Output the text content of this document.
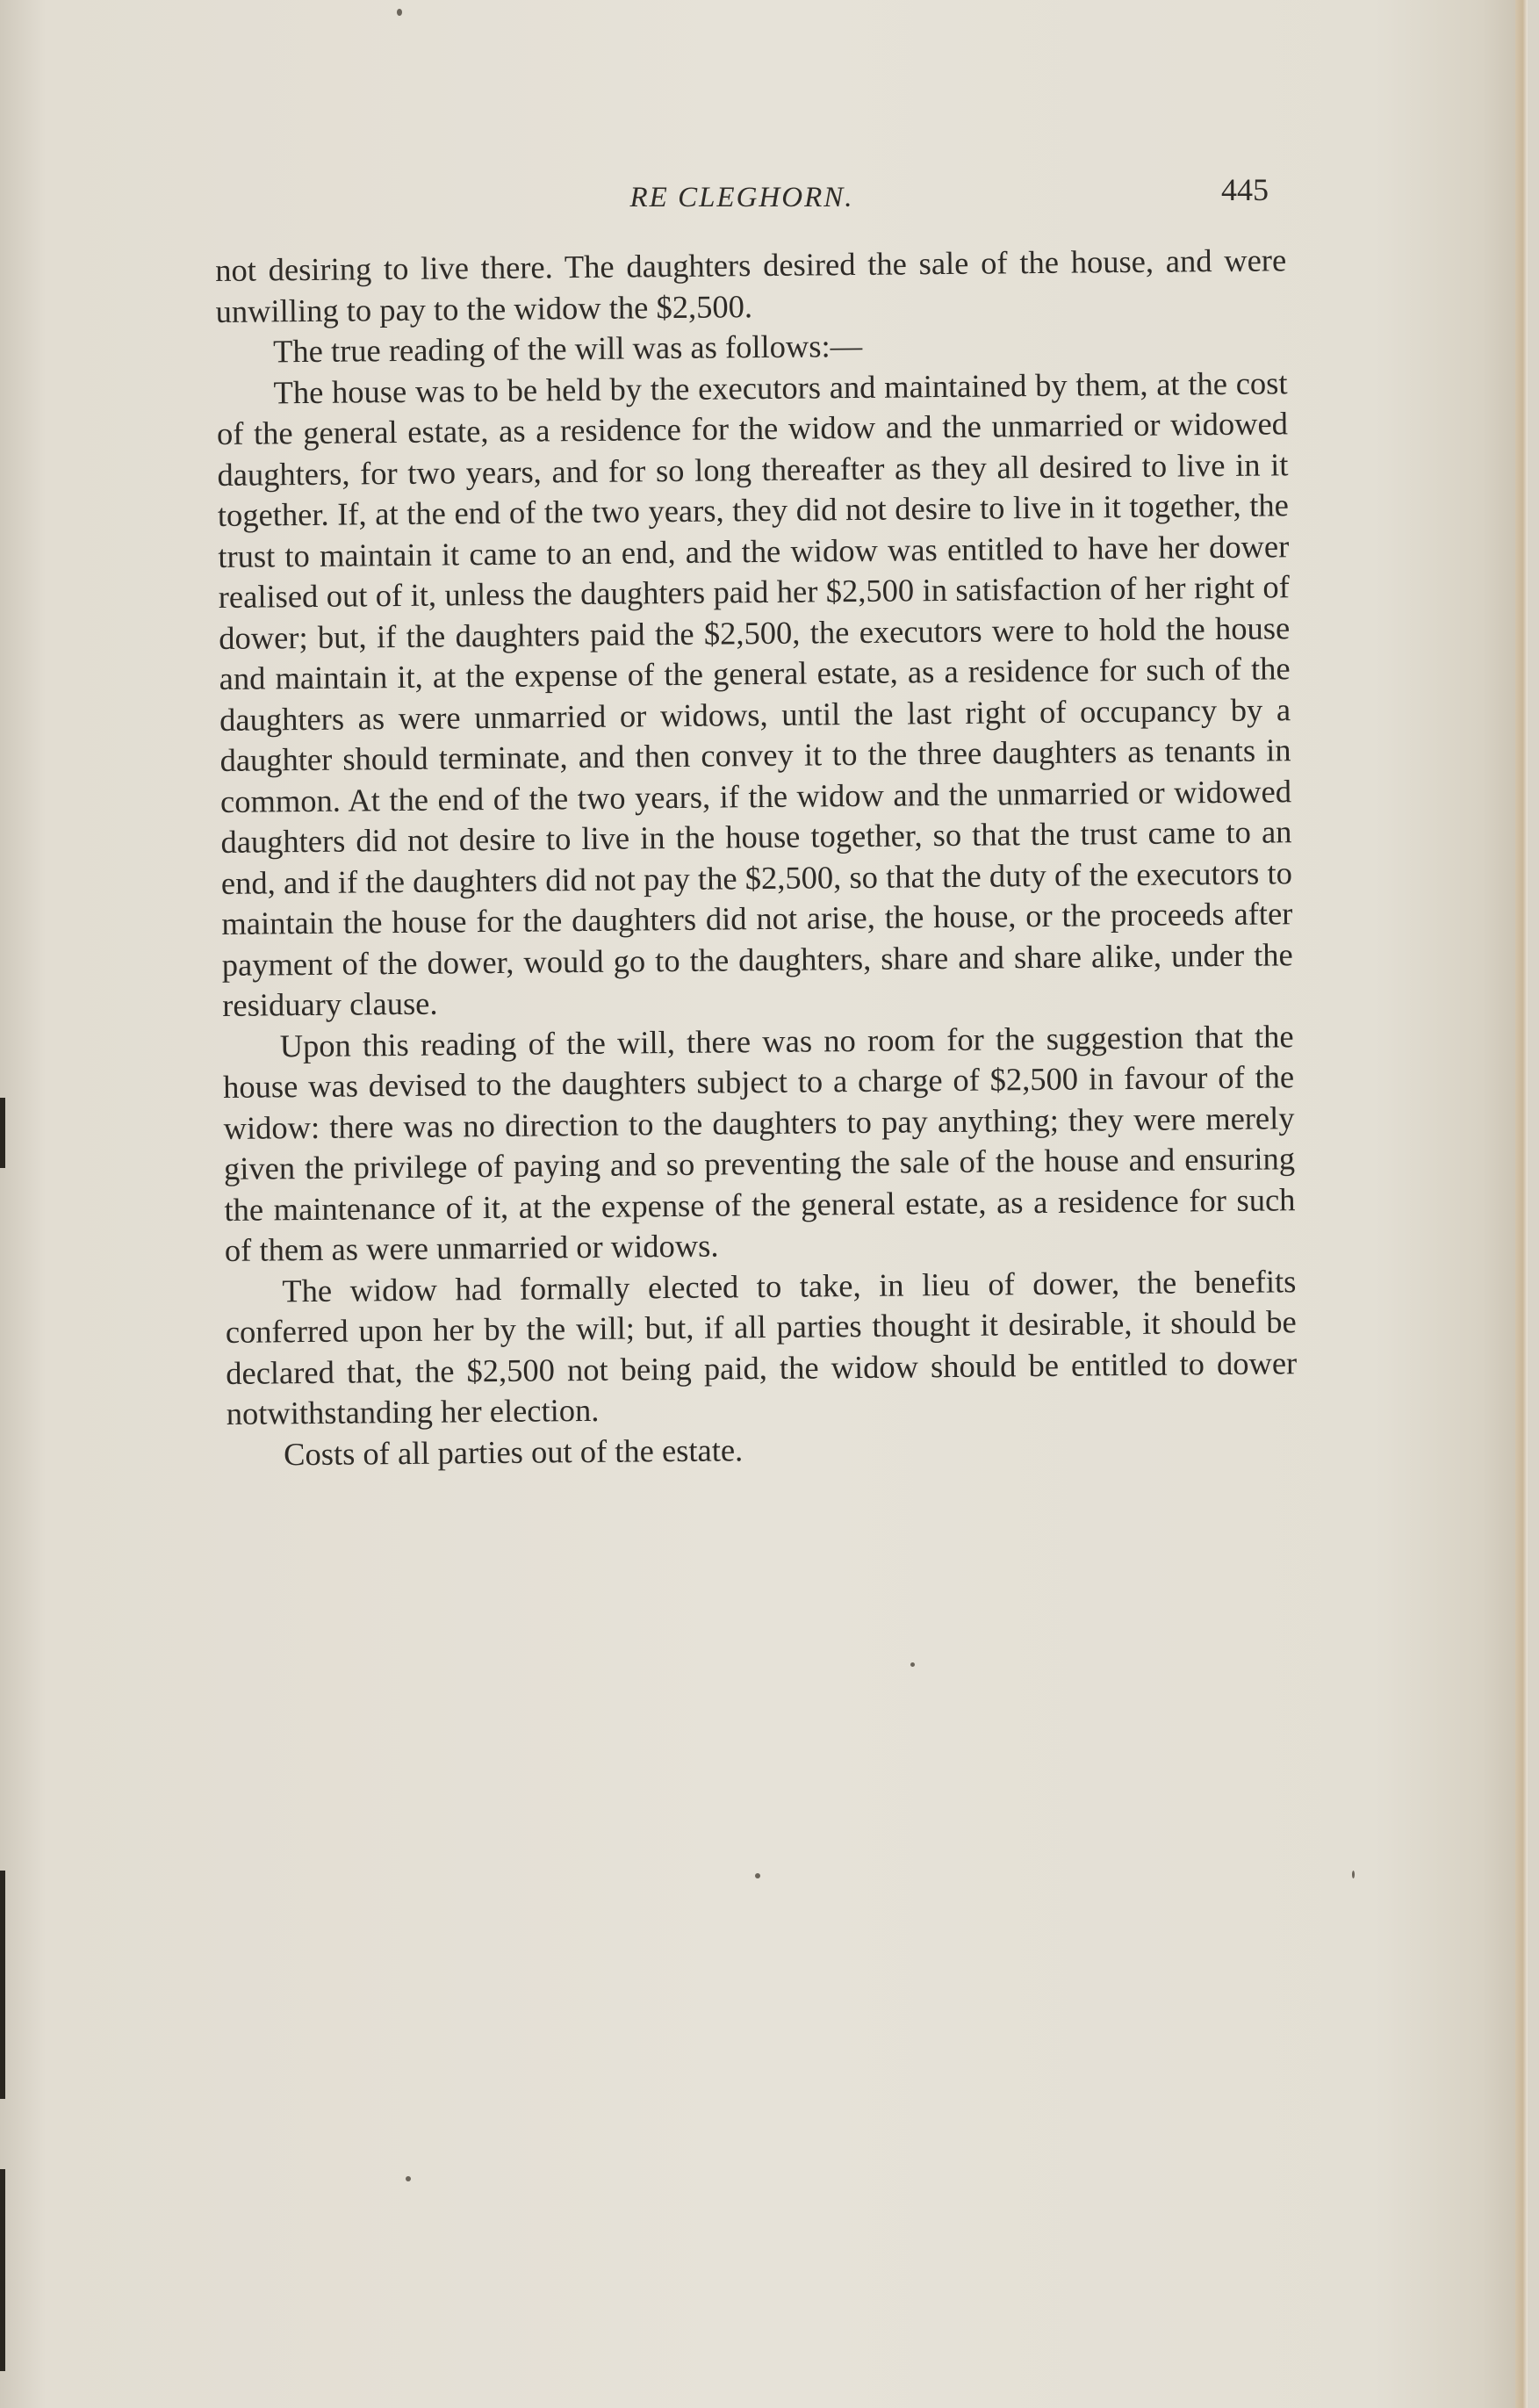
RE CLEGHORN.	445

not desiring to live there. The daughters desired the sale of the house, and were unwilling to pay to the widow the $2,500.

The true reading of the will was as follows:—

The house was to be held by the executors and maintained by them, at the cost of the general estate, as a residence for the widow and the unmarried or widowed daughters, for two years, and for so long thereafter as they all desired to live in it together. If, at the end of the two years, they did not desire to live in it together, the trust to maintain it came to an end, and the widow was entitled to have her dower realised out of it, unless the daughters paid her $2,500 in satisfaction of her right of dower; but, if the daughters paid the $2,500, the executors were to hold the house and maintain it, at the expense of the general estate, as a residence for such of the daughters as were unmarried or widows, until the last right of occupancy by a daughter should terminate, and then convey it to the three daughters as tenants in common. At the end of the two years, if the widow and the unmarried or widowed daughters did not desire to live in the house together, so that the trust came to an end, and if the daughters did not pay the $2,500, so that the duty of the executors to maintain the house for the daughters did not arise, the house, or the proceeds after payment of the dower, would go to the daughters, share and share alike, under the residuary clause.

Upon this reading of the will, there was no room for the suggestion that the house was devised to the daughters subject to a charge of $2,500 in favour of the widow: there was no direction to the daughters to pay anything; they were merely given the privilege of paying and so preventing the sale of the house and ensuring the maintenance of it, at the expense of the general estate, as a residence for such of them as were unmarried or widows.

The widow had formally elected to take, in lieu of dower, the benefits conferred upon her by the will; but, if all parties thought it desirable, it should be declared that, the $2,500 not being paid, the widow should be entitled to dower notwithstanding her election.

Costs of all parties out of the estate.
